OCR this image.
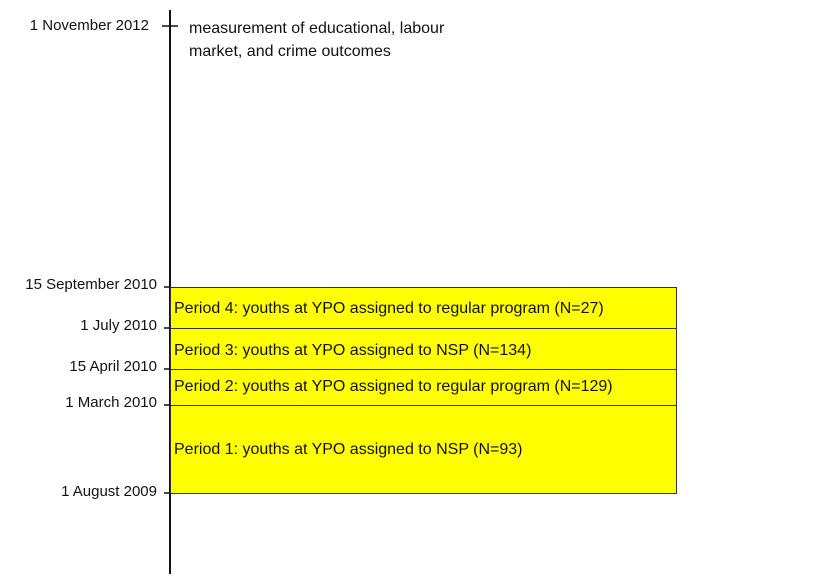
1 November 2012
15 September 2010
1 July 2010
15 April 2010
1 March 2010
1 August 2009
measurement of educational, labour
market, and crime outcomes
Period 4: youths at YPO assigned to regular program (N=27)
Period 3: youths at YPO assigned to NSP (N=134)
Period 2: youths at YPO assigned to regular program (N=129)
Period 1: youths at YPO assigned to NSP (N=93)
